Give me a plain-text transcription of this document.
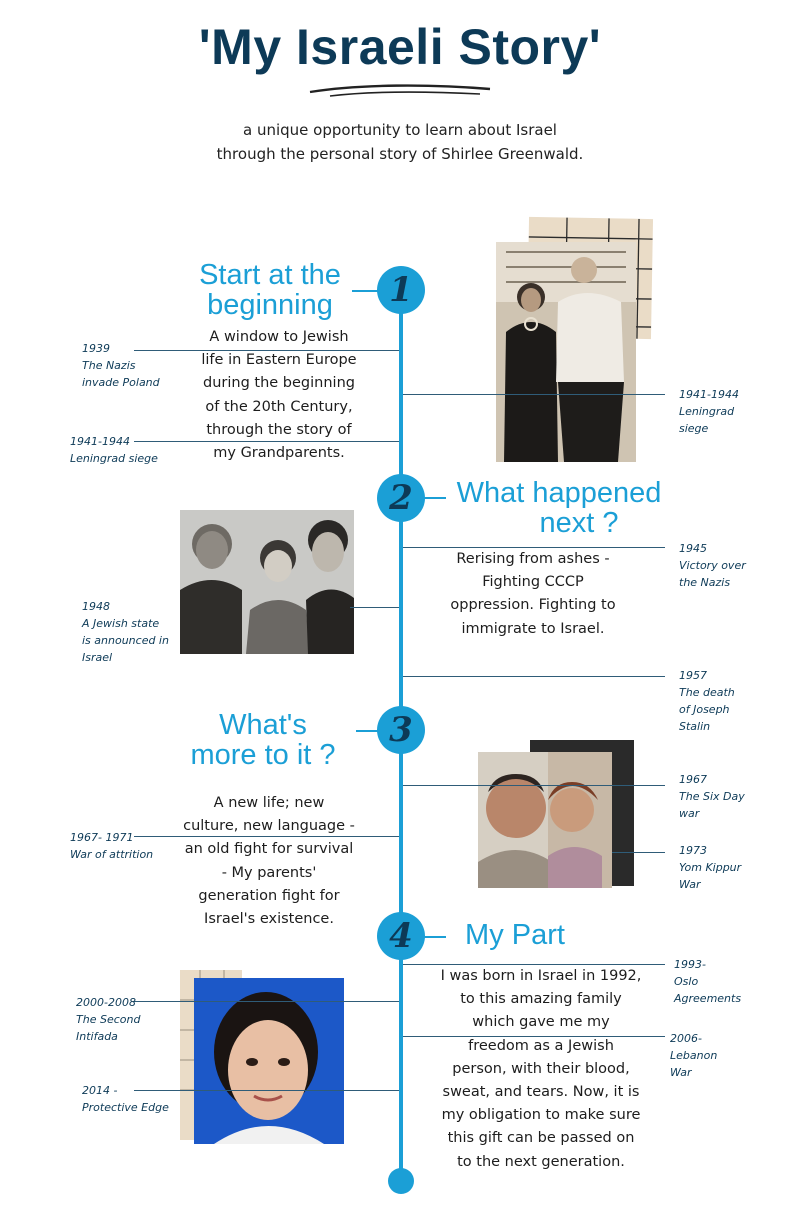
'My Israeli Story'
a unique opportunity to learn about Israel
through the personal story of Shirlee Greenwald.
Start at the
beginning	1
A window to Jewish
life in Eastern Europe
during the beginning
of the 20th Century,
through the story of
my Grandparents.
1939
The Nazis
invade Poland
1941-1944
Leningrad siege
1941-1944
Leningrad
siege
2	What happened
next ?
Rerising from ashes -
Fighting CCCP
oppression. Fighting to
immigrate to Israel.
1945
Victory over
the Nazis
1948
A Jewish state
is announced in
Israel
1957
The death
of Joseph
Stalin
What's
more to it ?
3
A new life; new
culture, new language -
an old fight for survival
- My parents'
generation fight for
Israel's existence.
1967
The Six Day
war
1967- 1971
War of attrition	1973
Yom Kippur
War
4	My Part
I was born in Israel in 1992,
to this amazing family
which gave me my
freedom as a Jewish
person, with their blood,
sweat, and tears. Now, it is
my obligation to make sure
this gift can be passed on
to the next generation.
1993-
Oslo
Agreements
2000-2008
The Second
Intifada	2006-
Lebanon
War
2014 -
Protective Edge
